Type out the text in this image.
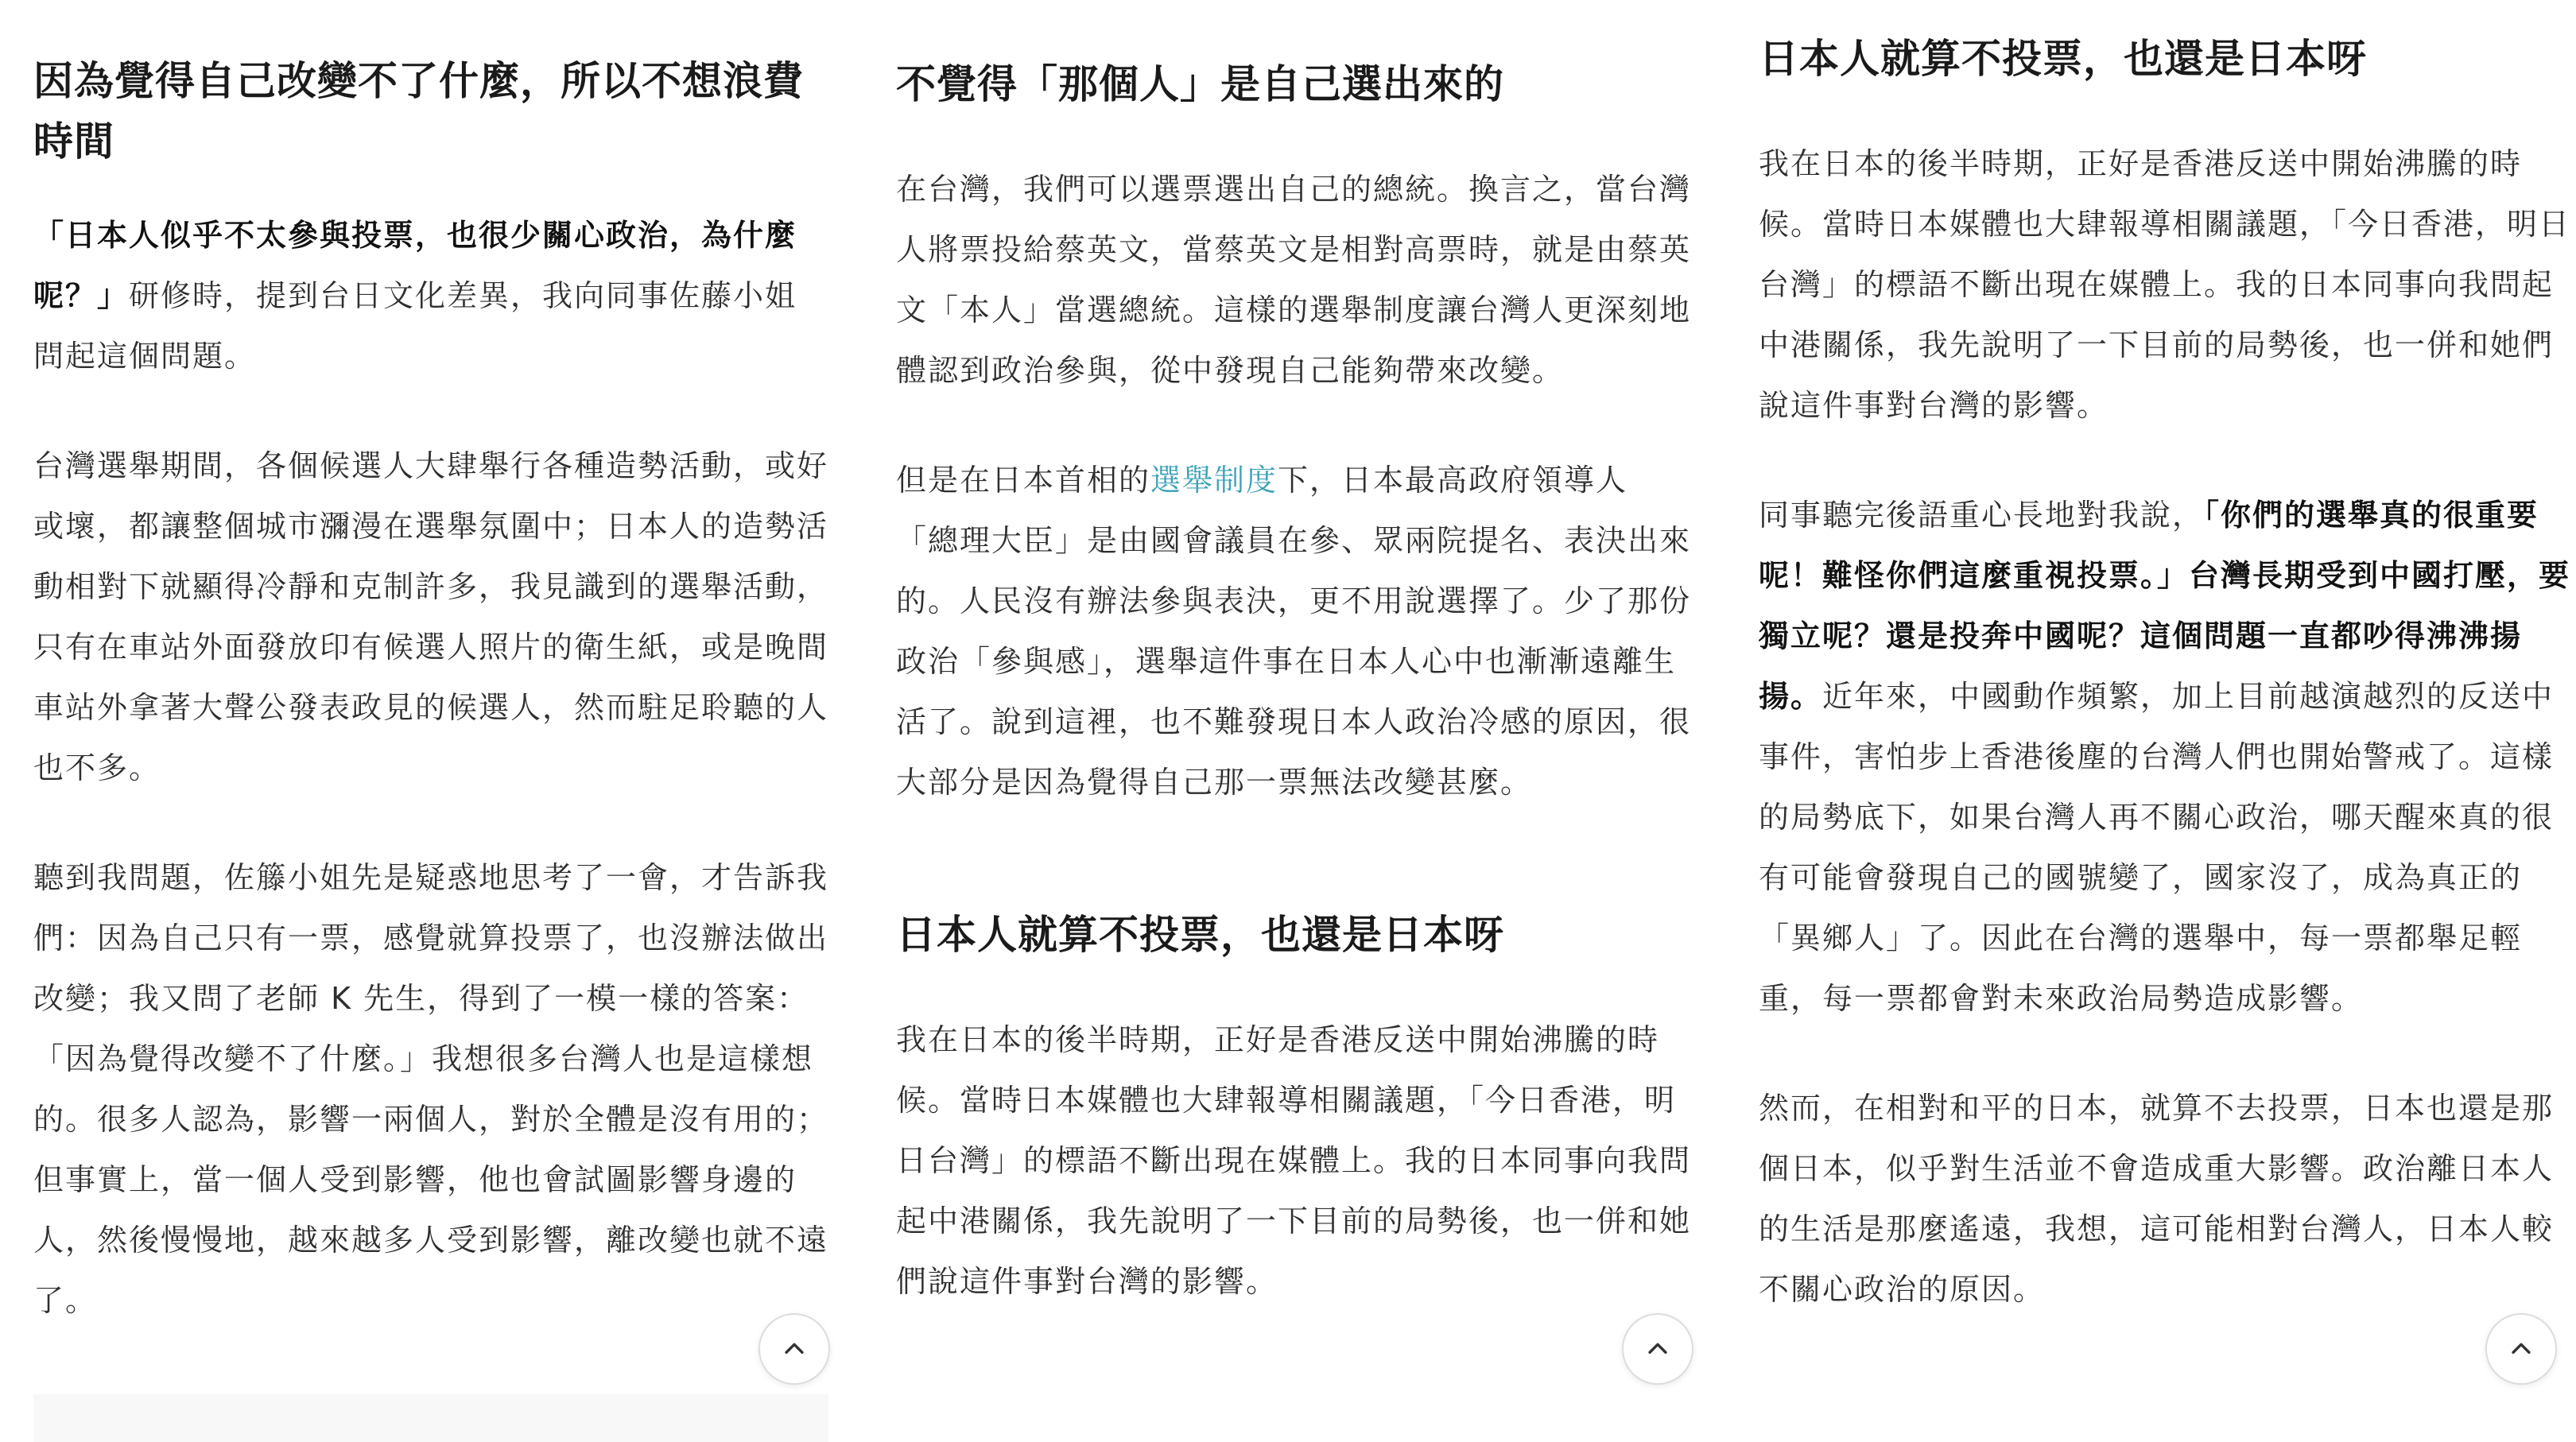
因為覺得自己改變不了什麼，所以不想浪費時間

「日本人似乎不太參與投票，也很少關心政治，為什麼呢？」研修時，提到台日文化差異，我向同事佐藤小姐問起這個問題。

台灣選舉期間，各個候選人大肆舉行各種造勢活動，或好或壞，都讓整個城市瀰漫在選舉氛圍中；日本人的造勢活動相對下就顯得冷靜和克制許多，我見識到的選舉活動，只有在車站外面發放印有候選人照片的衛生紙，或是晚間車站外拿著大聲公發表政見的候選人，然而駐足聆聽的人也不多。

聽到我問題，佐籐小姐先是疑惑地思考了一會，才告訴我們：因為自己只有一票，感覺就算投票了，也沒辦法做出改變；我又問了老師 K 先生，得到了一模一樣的答案：「因為覺得改變不了什麼。」我想很多台灣人也是這樣想的。很多人認為，影響一兩個人，對於全體是沒有用的；但事實上，當一個人受到影響，他也會試圖影響身邊的人，然後慢慢地，越來越多人受到影響，離改變也就不遠了。

不覺得「那個人」是自己選出來的

在台灣，我們可以選票選出自己的總統。換言之，當台灣人將票投給蔡英文，當蔡英文是相對高票時，就是由蔡英文「本人」當選總統。這樣的選舉制度讓台灣人更深刻地體認到政治參與，從中發現自己能夠帶來改變。

但是在日本首相的選舉制度下，日本最高政府領導人「總理大臣」是由國會議員在參、眾兩院提名、表決出來的。人民沒有辦法參與表決，更不用說選擇了。少了那份政治「參與感」，選舉這件事在日本人心中也漸漸遠離生活了。說到這裡，也不難發現日本人政治冷感的原因，很大部分是因為覺得自己那一票無法改變甚麼。

日本人就算不投票，也還是日本呀

我在日本的後半時期，正好是香港反送中開始沸騰的時候。當時日本媒體也大肆報導相關議題，「今日香港，明日台灣」的標語不斷出現在媒體上。我的日本同事向我問起中港關係，我先說明了一下目前的局勢後，也一併和她們說這件事對台灣的影響。

日本人就算不投票，也還是日本呀

我在日本的後半時期，正好是香港反送中開始沸騰的時候。當時日本媒體也大肆報導相關議題，「今日香港，明日台灣」的標語不斷出現在媒體上。我的日本同事向我問起中港關係，我先說明了一下目前的局勢後，也一併和她們說這件事對台灣的影響。

同事聽完後語重心長地對我說，「你們的選舉真的很重要呢！難怪你們這麼重視投票。」台灣長期受到中國打壓，要獨立呢？還是投奔中國呢？這個問題一直都吵得沸沸揚揚。近年來，中國動作頻繁，加上目前越演越烈的反送中事件，害怕步上香港後塵的台灣人們也開始警戒了。這樣的局勢底下，如果台灣人再不關心政治，哪天醒來真的很有可能會發現自己的國號變了，國家沒了，成為真正的「異鄉人」了。因此在台灣的選舉中，每一票都舉足輕重，每一票都會對未來政治局勢造成影響。

然而，在相對和平的日本，就算不去投票，日本也還是那個日本，似乎對生活並不會造成重大影響。政治離日本人的生活是那麼遙遠，我想，這可能相對台灣人，日本人較不關心政治的原因。
